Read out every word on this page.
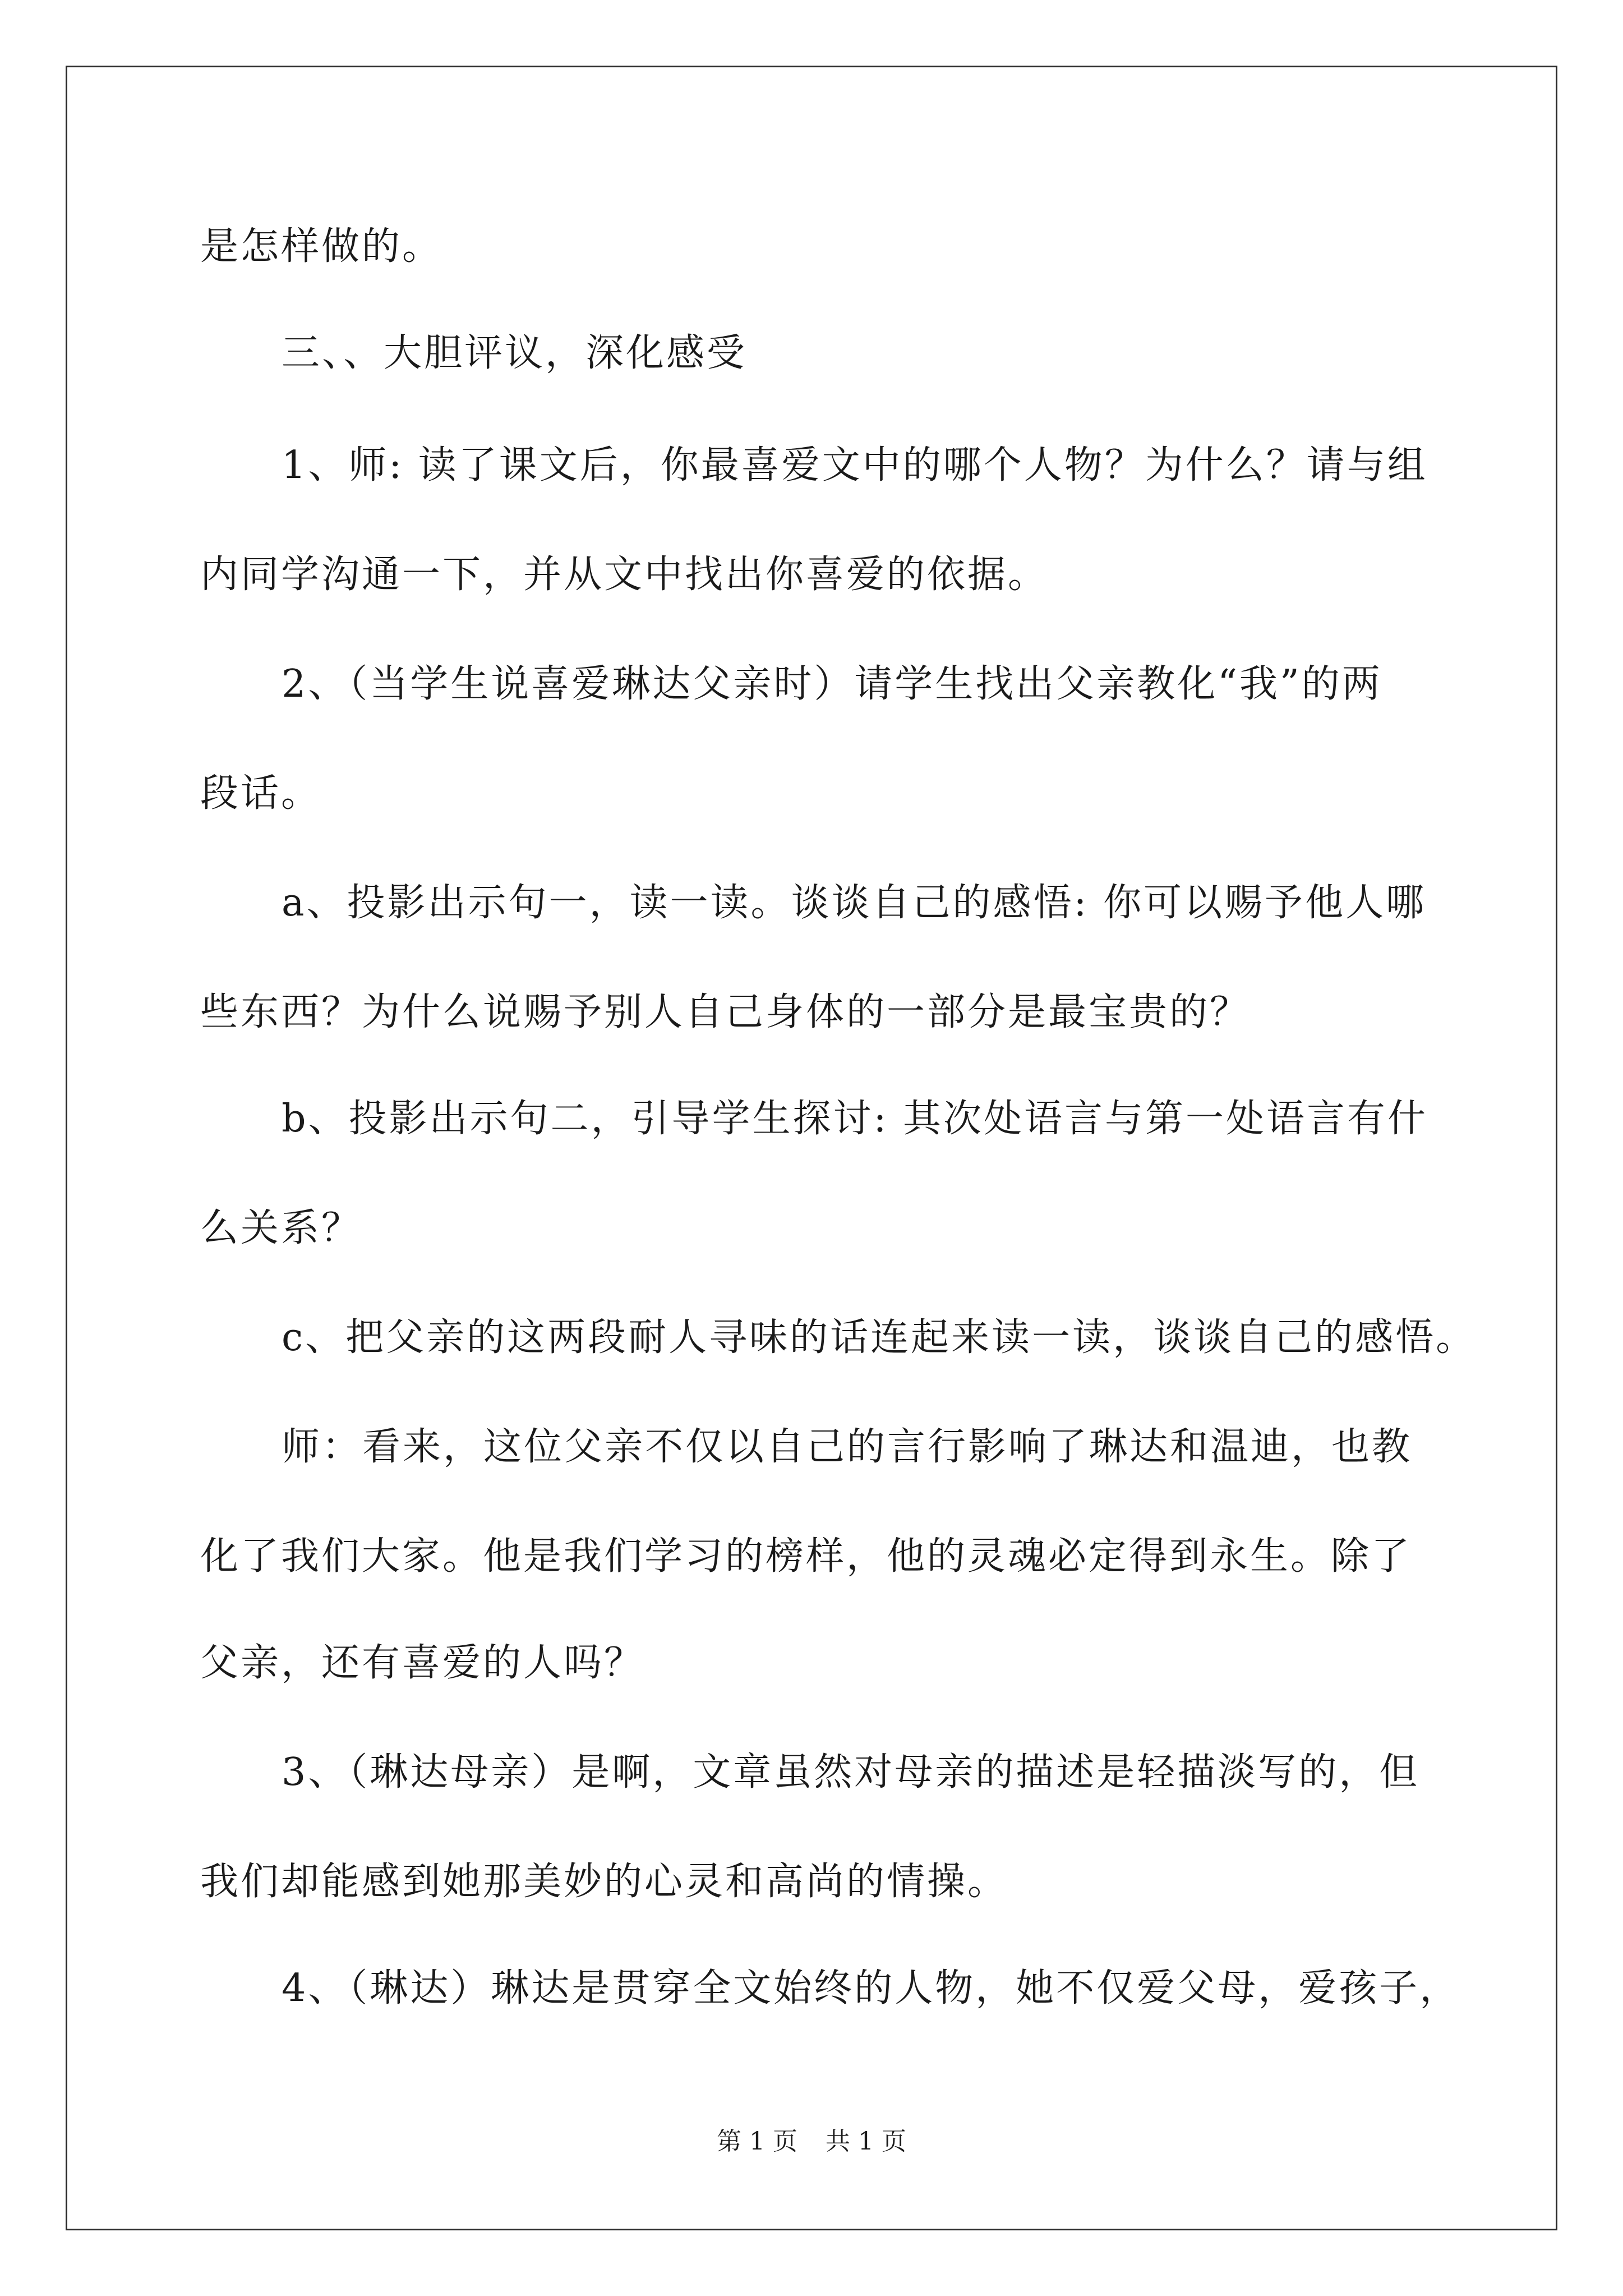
是怎样做的。
三、、大胆评议，深化感受
1、师: 读了课文后，你最喜爱文中的哪个人物？为什么？请与组
内同学沟通一下，并从文中找出你喜爱的依据。
2、（当学生说喜爱琳达父亲时）请学生找出父亲教化“我”的两
段话。
a、投影出示句一，读一读。谈谈自己的感悟: 你可以赐予他人哪
些东西？为什么说赐予别人自己身体的一部分是最宝贵的？
b、投影出示句二，引导学生探讨: 其次处语言与第一处语言有什
么关系？
c、把父亲的这两段耐人寻味的话连起来读一读，谈谈自己的感悟。
师：看来，这位父亲不仅以自己的言行影响了琳达和温迪，也教
化了我们大家。他是我们学习的榜样，他的灵魂必定得到永生。除了
父亲，还有喜爱的人吗？
3、（琳达母亲）是啊，文章虽然对母亲的描述是轻描淡写的，但
我们却能感到她那美妙的心灵和高尚的情操。
4、（琳达）琳达是贯穿全文始终的人物，她不仅爱父母，爱孩子，
第 1 页 共 1 页
